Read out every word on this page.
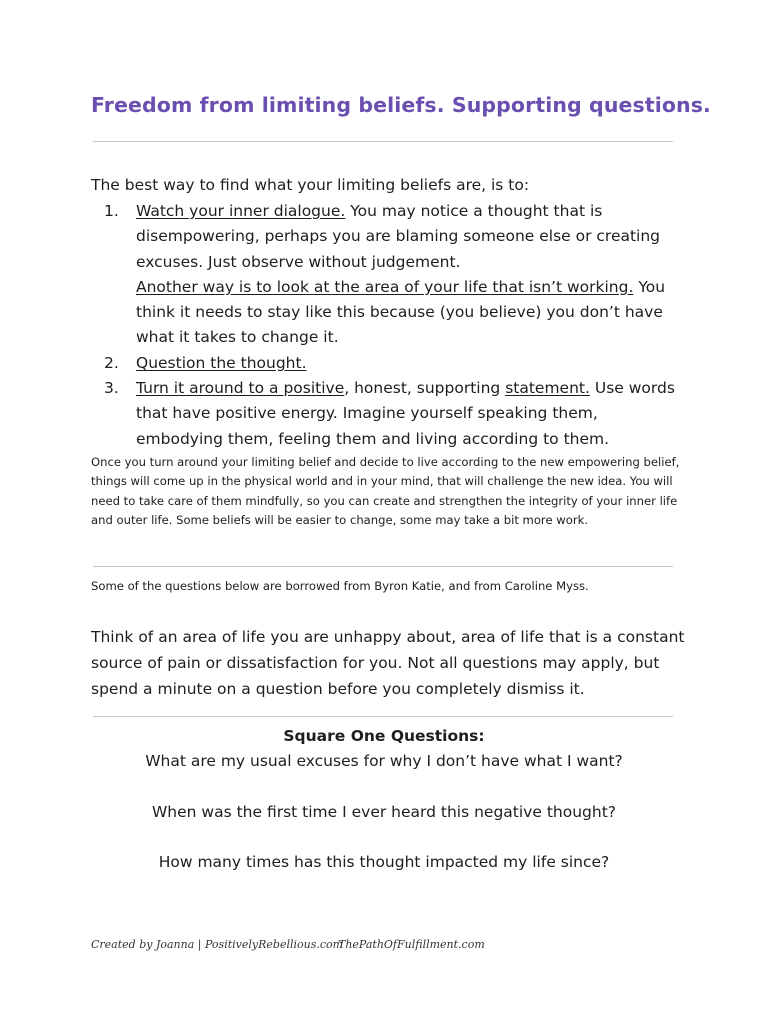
Freedom from limiting beliefs. Supporting questions.
The best way to find what your limiting beliefs are, is to:
1. Watch your inner dialogue. You may notice a thought that is disempowering, perhaps you are blaming someone else or creating excuses. Just observe without judgement.
Another way is to look at the area of your life that isn’t working. You think it needs to stay like this because (you believe) you don’t have what it takes to change it.
2. Question the thought.
3. Turn it around to a positive, honest, supporting statement. Use words that have positive energy. Imagine yourself speaking them, embodying them, feeling them and living according to them.
Once you turn around your limiting belief and decide to live according to the new empowering belief, things will come up in the physical world and in your mind, that will challenge the new idea. You will need to take care of them mindfully, so you can create and strengthen the integrity of your inner life and outer life. Some beliefs will be easier to change, some may take a bit more work.
Some of the questions below are borrowed from Byron Katie, and from Caroline Myss.
Think of an area of life you are unhappy about, area of life that is a constant source of pain or dissatisfaction for you. Not all questions may apply, but spend a minute on a question before you completely dismiss it.
Square One Questions:
What are my usual excuses for why I don’t have what I want?
When was the first time I ever heard this negative thought?
How many times has this thought impacted my life since?
Created by Joanna | PositivelyRebellious.com
ThePathOfFulfillment.com
